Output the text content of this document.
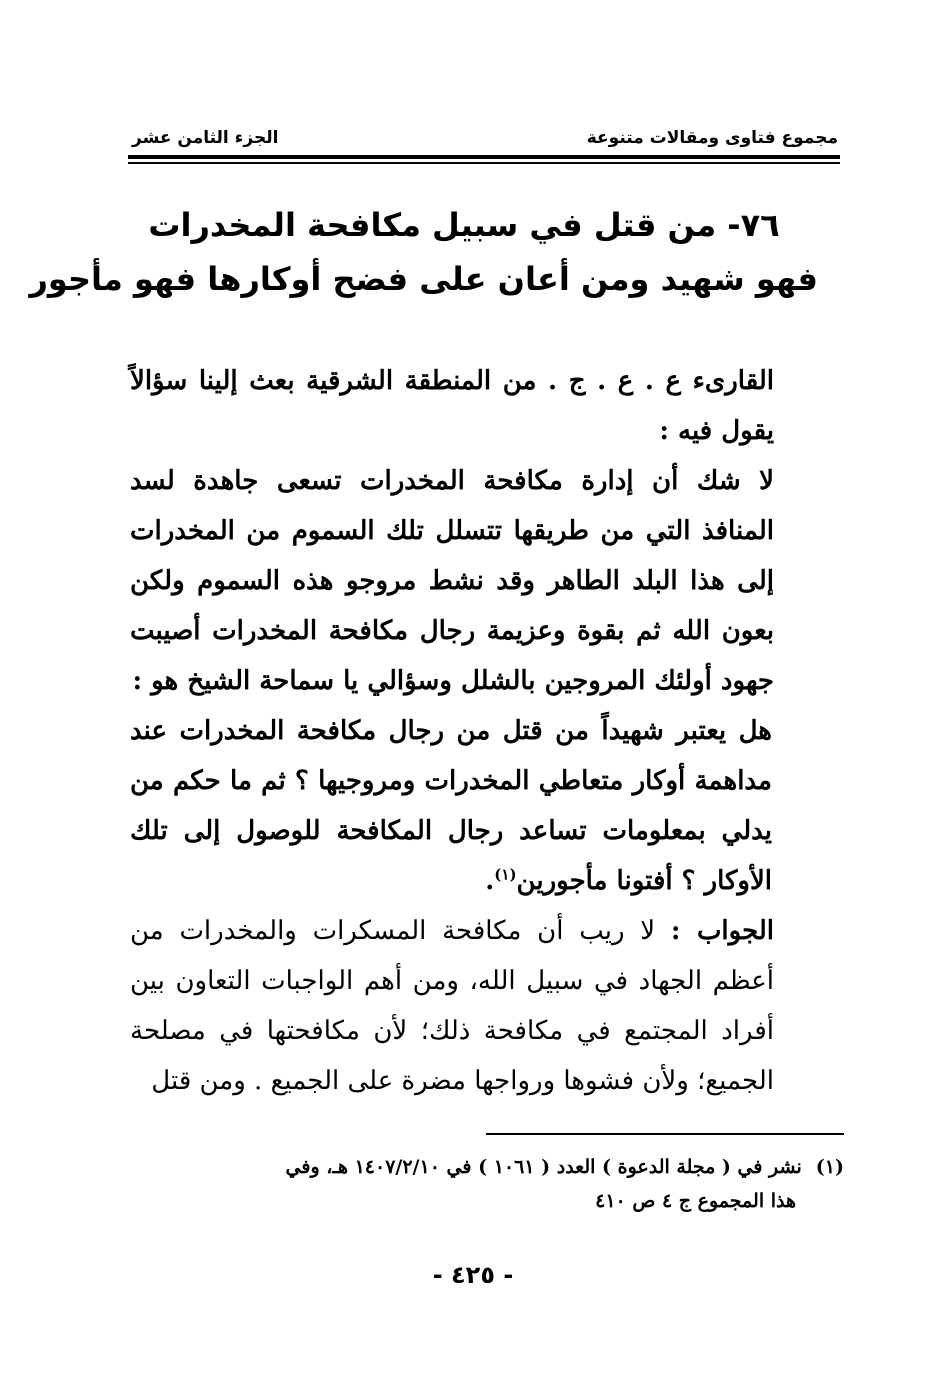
مجموع فتاوى ومقالات متنوعة
الجزء الثامن عشر
٧٦- من قتل في سبيل مكافحة المخدرات
فهو شهيد ومن أعان على فضح أوكارها فهو مأجور

القارىء ع . ع . ج . من المنطقة الشرقية بعث إلينا سؤالاً يقول فيه :

لا شك أن إدارة مكافحة المخدرات تسعى جاهدة لسد المنافذ التي من طريقها تتسلل تلك السموم من المخدرات إلى هذا البلد الطاهر وقد نشط مروجو هذه السموم ولكن بعون الله ثم بقوة وعزيمة رجال مكافحة المخدرات أصيبت جهود أولئك المروجين بالشلل وسؤالي يا سماحة الشيخ هو :

هل يعتبر شهيداً من قتل من رجال مكافحة المخدرات عند مداهمة أوكار متعاطي المخدرات ومروجيها ؟ ثم ما حكم من يدلي بمعلومات تساعد رجال المكافحة للوصول إلى تلك الأوكار ؟ أفتونا مأجورين$^{(١)}$.

الجواب : لا ريب أن مكافحة المسكرات والمخدرات من أعظم الجهاد في سبيل الله، ومن أهم الواجبات التعاون بين أفراد المجتمع في مكافحة ذلك؛ لأن مكافحتها في مصلحة الجميع؛ ولأن فشوها ورواجها مضرة على الجميع . ومن قتل

(١)نشر في ( مجلة الدعوة ) العدد ( ١٠٦١ ) في ١٤٠٧/٢/١٠ هـ، وفي
هذا المجموع ج ٤ ص ٤١٠
- ٤٢٥ -
